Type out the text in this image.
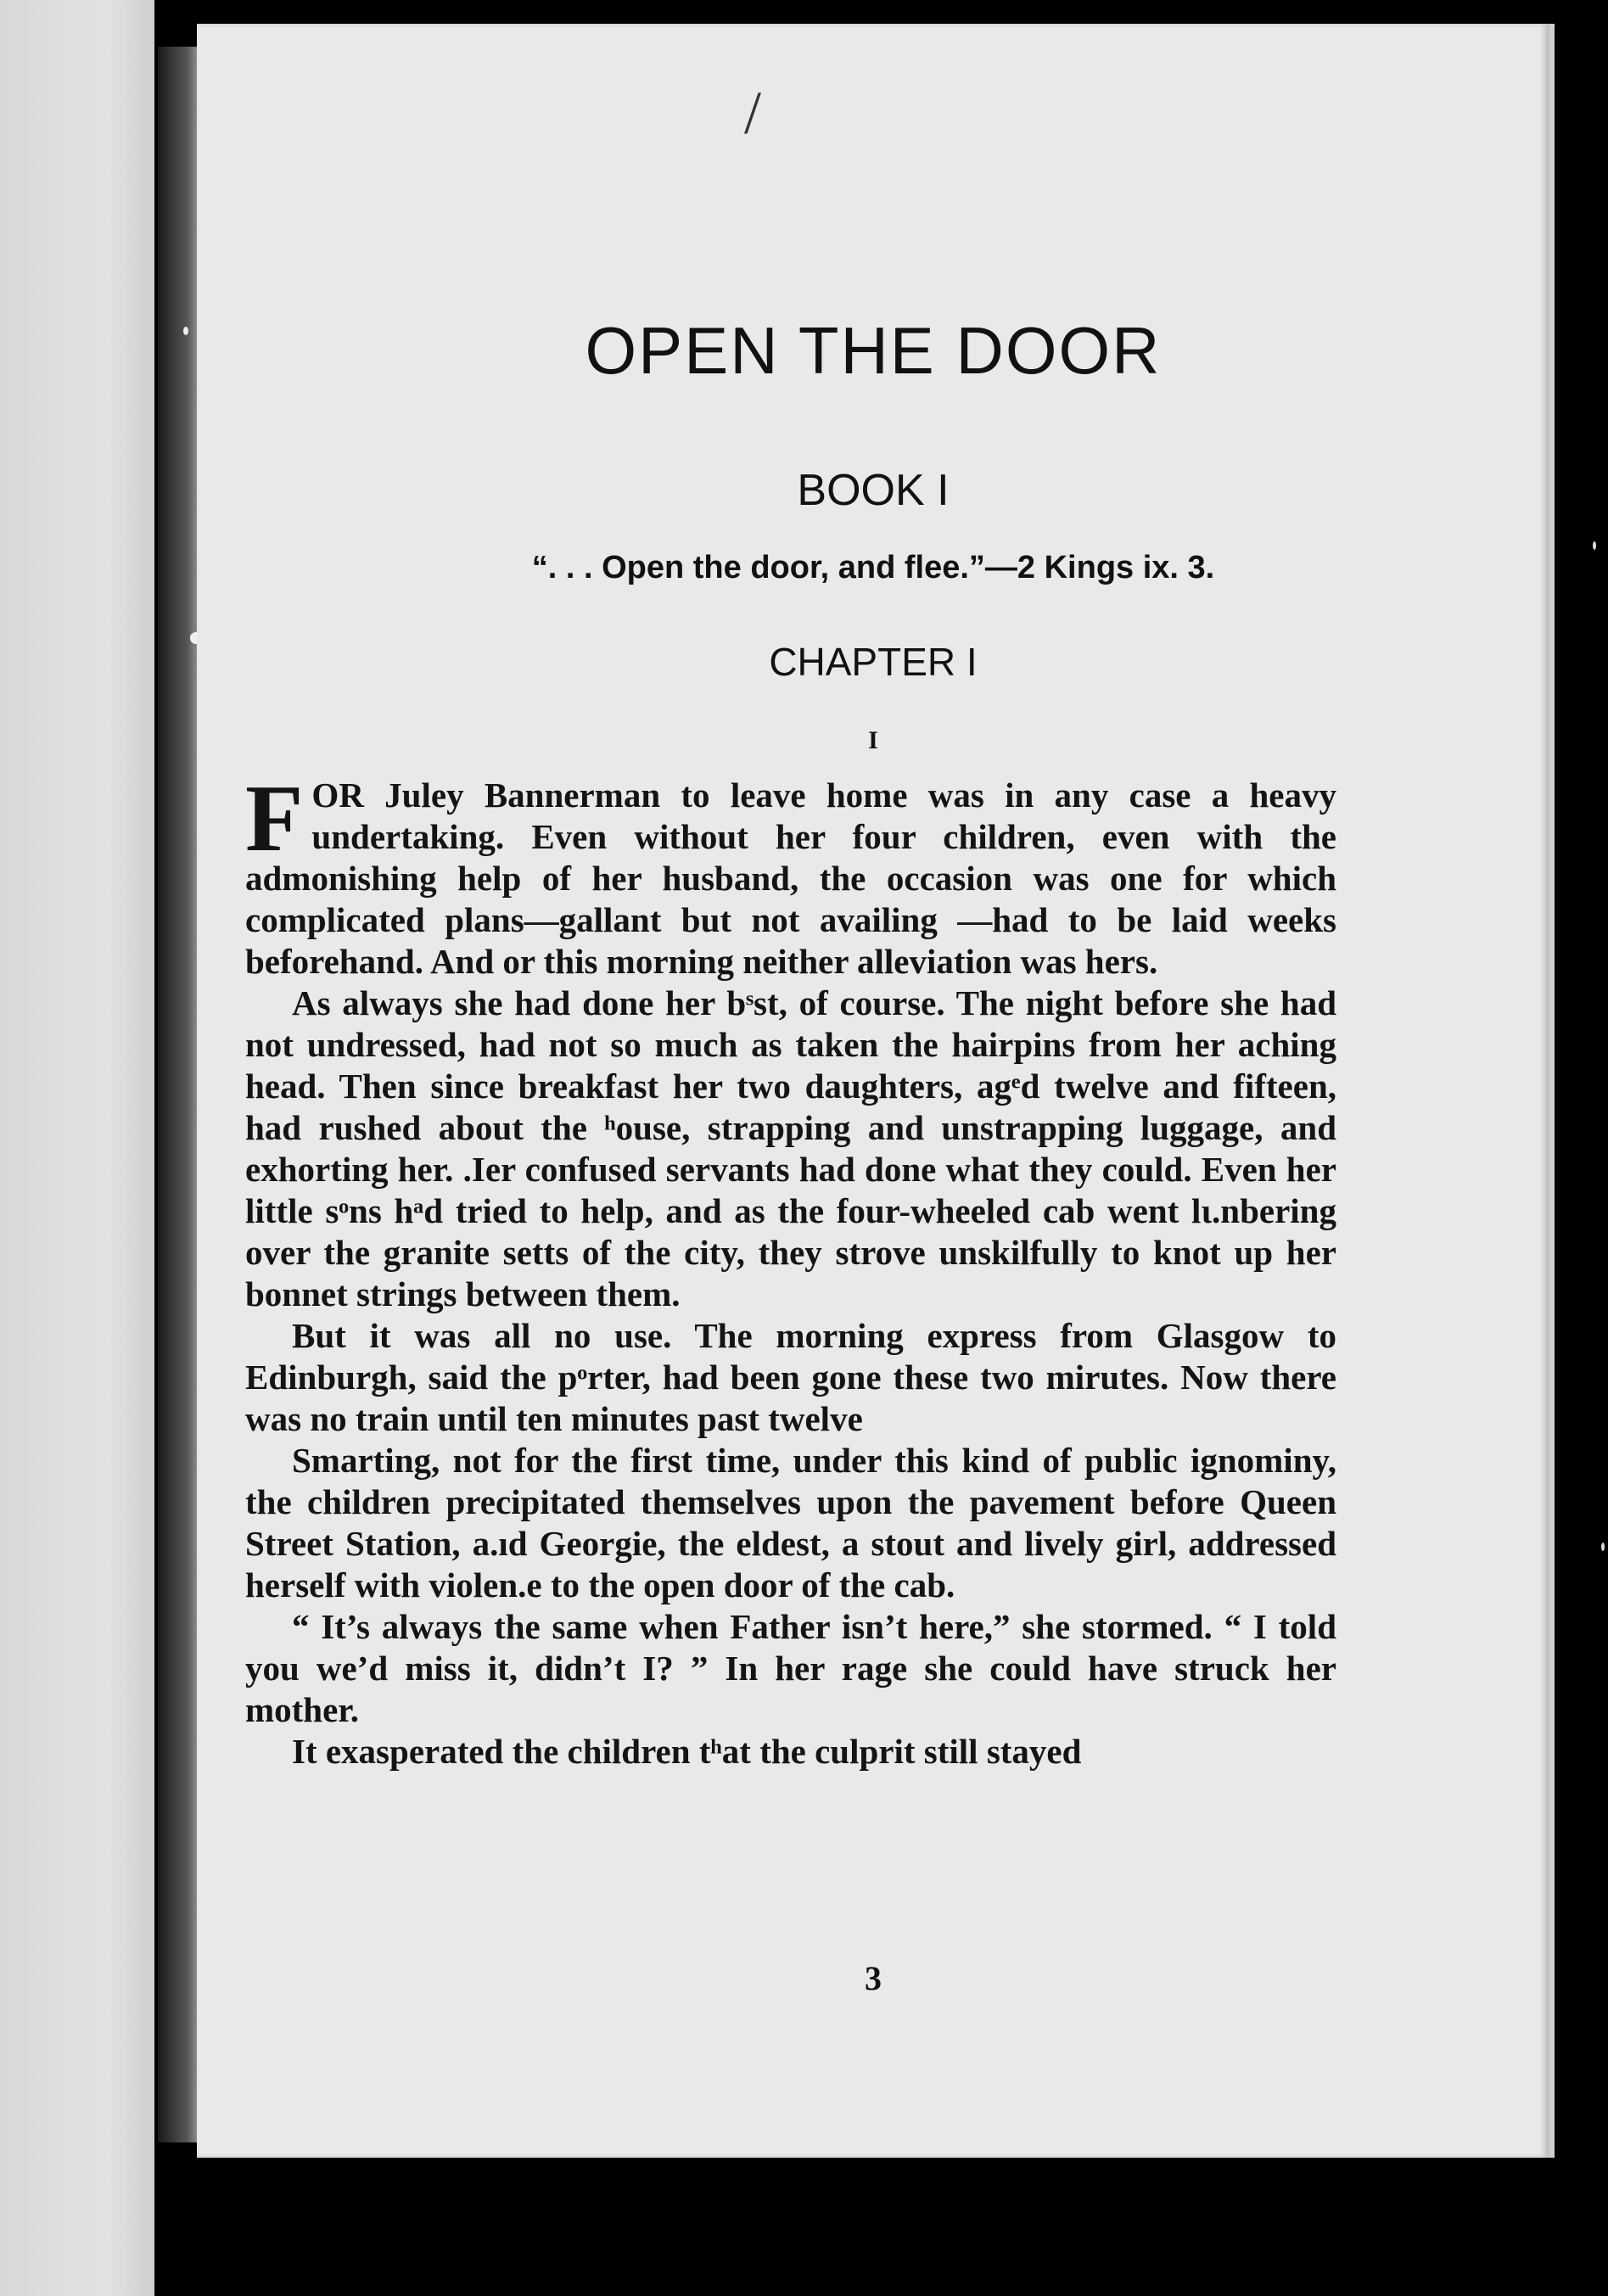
/
OPEN THE DOOR
BOOK I
“. . . Open the door, and flee.”—2 Kings ix. 3.
CHAPTER I
I

FOR Juley Bannerman to leave home was in any case a heavy undertaking. Even without her four children, even with the admonishing help of her husband, the occasion was one for which complicated plans—gallant but not availing —had to be laid weeks beforehand. And or this morning neither alleviation was hers.

As always she had done her bˢst, of course. The night before she had not undressed, had not so much as taken the hairpins from her aching head. Then since breakfast her two daughters, agᵉd twelve and fifteen, had rushed about the ʰouse, strapping and unstrapping luggage, and exhorting her. .Ier confused servants had done what they could. Even her little sᵒns hᵃd tried to help, and as the four-wheeled cab went lɩ.nbering over the granite setts of the city, they strove unskilfully to knot up her bonnet strings between them.

But it was all no use. The morning express from Glasgow to Edinburgh, said the pᵒrter, had been gone these two mirutes. Now there was no train until ten minutes past twelve

Smarting, not for the first time, under this kind of public ignominy, the children precipitated themselves upon the pavement before Queen Street Station, a.ıd Georgie, the eldest, a stout and lively girl, addressed herself with violen.e to the open door of the cab.

“ It’s always the same when Father isn’t here,” she stormed. “ I told you we’d miss it, didn’t I? ” In her rage she could have struck her mother.

It exasperated the children tʰat the culprit still stayed

3
